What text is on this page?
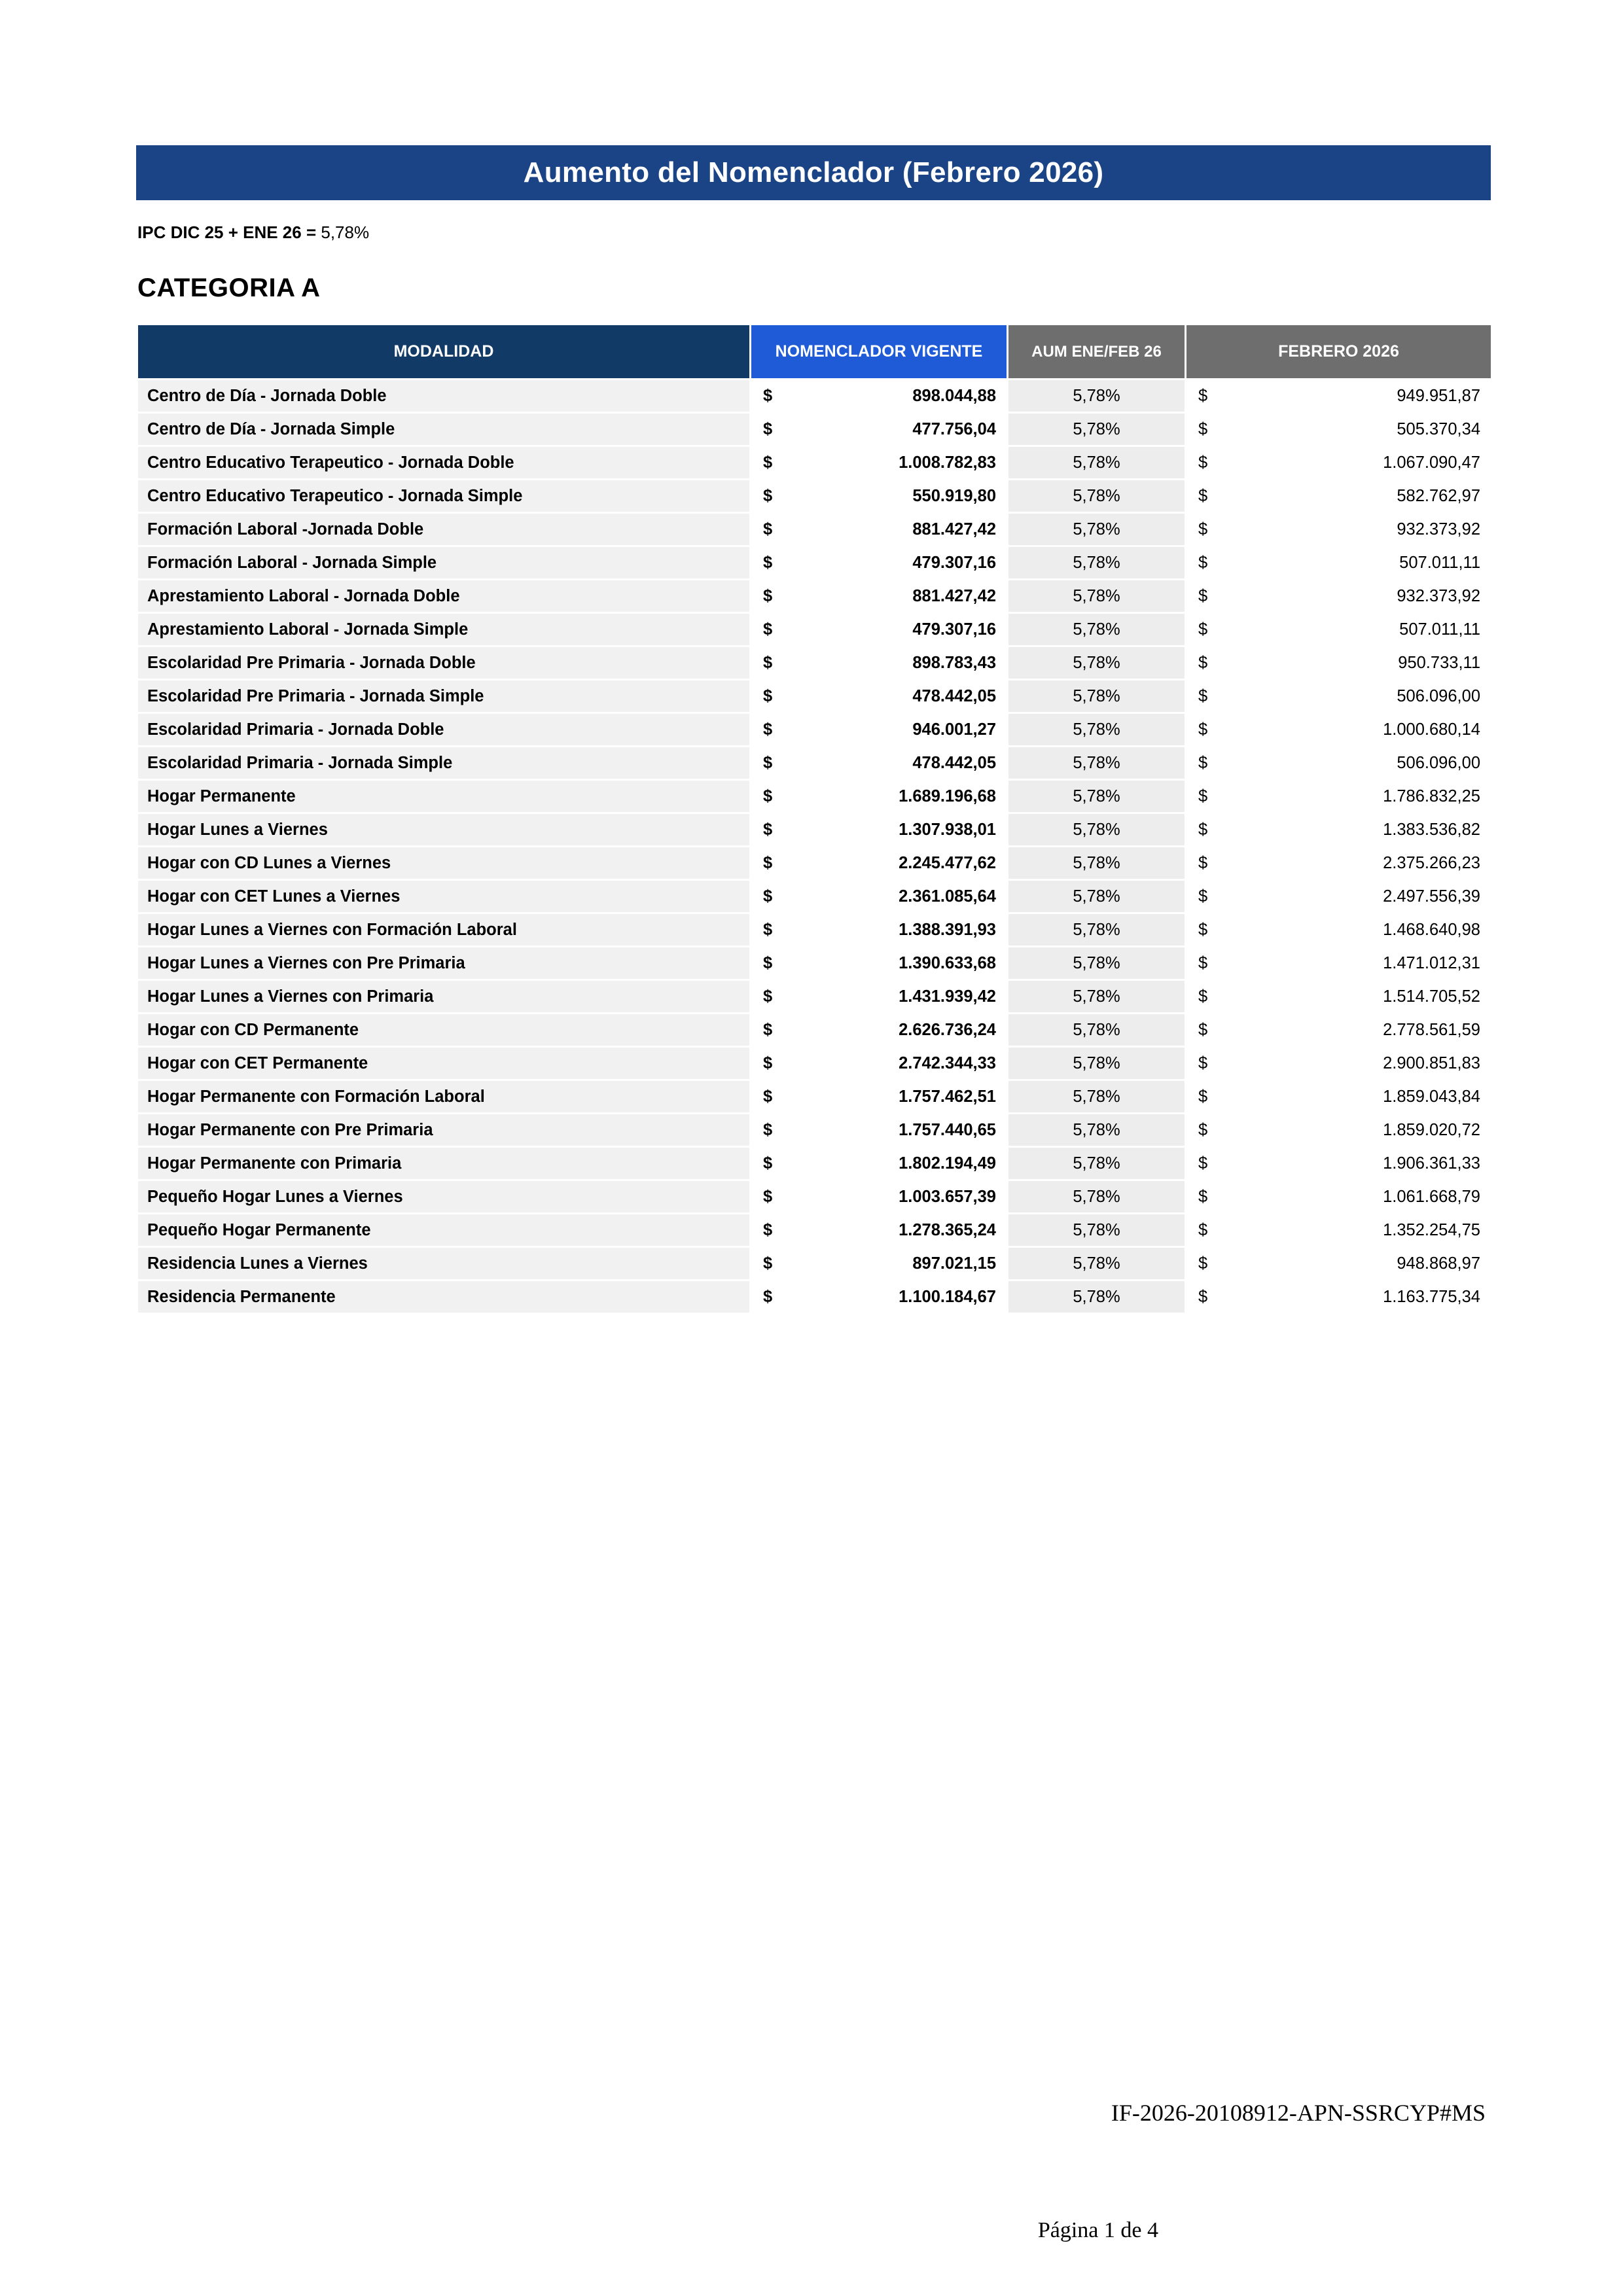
Aumento del Nomenclador (Febrero 2026)
IPC DIC 25 + ENE 26 = 5,78%
CATEGORIA A
MODALIDAD	NOMENCLADOR VIGENTE	AUM ENE/FEB 26	FEBRERO 2026
Centro de Día - Jornada Doble	$ 898.044,88	5,78%	$ 949.951,87

Centro de Día - Jornada Simple	$ 477.756,04	5,78%	$ 505.370,34

Centro Educativo Terapeutico - Jornada Doble	$ 1.008.782,83	5,78%	$ 1.067.090,47

Centro Educativo Terapeutico - Jornada Simple	$ 550.919,80	5,78%	$ 582.762,97

Formación Laboral -Jornada Doble	$ 881.427,42	5,78%	$ 932.373,92

Formación Laboral - Jornada Simple	$ 479.307,16	5,78%	$ 507.011,11

Aprestamiento Laboral - Jornada Doble	$ 881.427,42	5,78%	$ 932.373,92

Aprestamiento Laboral - Jornada Simple	$ 479.307,16	5,78%	$ 507.011,11

Escolaridad Pre Primaria - Jornada Doble	$ 898.783,43	5,78%	$ 950.733,11

Escolaridad Pre Primaria - Jornada Simple	$ 478.442,05	5,78%	$ 506.096,00

Escolaridad Primaria - Jornada Doble	$ 946.001,27	5,78%	$ 1.000.680,14

Escolaridad Primaria - Jornada Simple	$ 478.442,05	5,78%	$ 506.096,00

Hogar Permanente	$ 1.689.196,68	5,78%	$ 1.786.832,25

Hogar Lunes a Viernes	$ 1.307.938,01	5,78%	$ 1.383.536,82

Hogar con CD Lunes a Viernes	$ 2.245.477,62	5,78%	$ 2.375.266,23

Hogar con CET Lunes a Viernes	$ 2.361.085,64	5,78%	$ 2.497.556,39

Hogar Lunes a Viernes con Formación Laboral	$ 1.388.391,93	5,78%	$ 1.468.640,98

Hogar Lunes a Viernes con Pre Primaria	$ 1.390.633,68	5,78%	$ 1.471.012,31

Hogar Lunes a Viernes con Primaria	$ 1.431.939,42	5,78%	$ 1.514.705,52

Hogar con CD Permanente	$ 2.626.736,24	5,78%	$ 2.778.561,59

Hogar con CET Permanente	$ 2.742.344,33	5,78%	$ 2.900.851,83

Hogar Permanente con Formación Laboral	$ 1.757.462,51	5,78%	$ 1.859.043,84

Hogar Permanente con Pre Primaria	$ 1.757.440,65	5,78%	$ 1.859.020,72

Hogar Permanente con Primaria	$ 1.802.194,49	5,78%	$ 1.906.361,33

Pequeño Hogar Lunes a Viernes	$ 1.003.657,39	5,78%	$ 1.061.668,79

Pequeño Hogar Permanente	$ 1.278.365,24	5,78%	$ 1.352.254,75

Residencia Lunes a Viernes	$ 897.021,15	5,78%	$ 948.868,97

Residencia Permanente	$ 1.100.184,67	5,78%	$ 1.163.775,34
IF-2026-20108912-APN-SSRCYP#MS
Página 1 de 4
